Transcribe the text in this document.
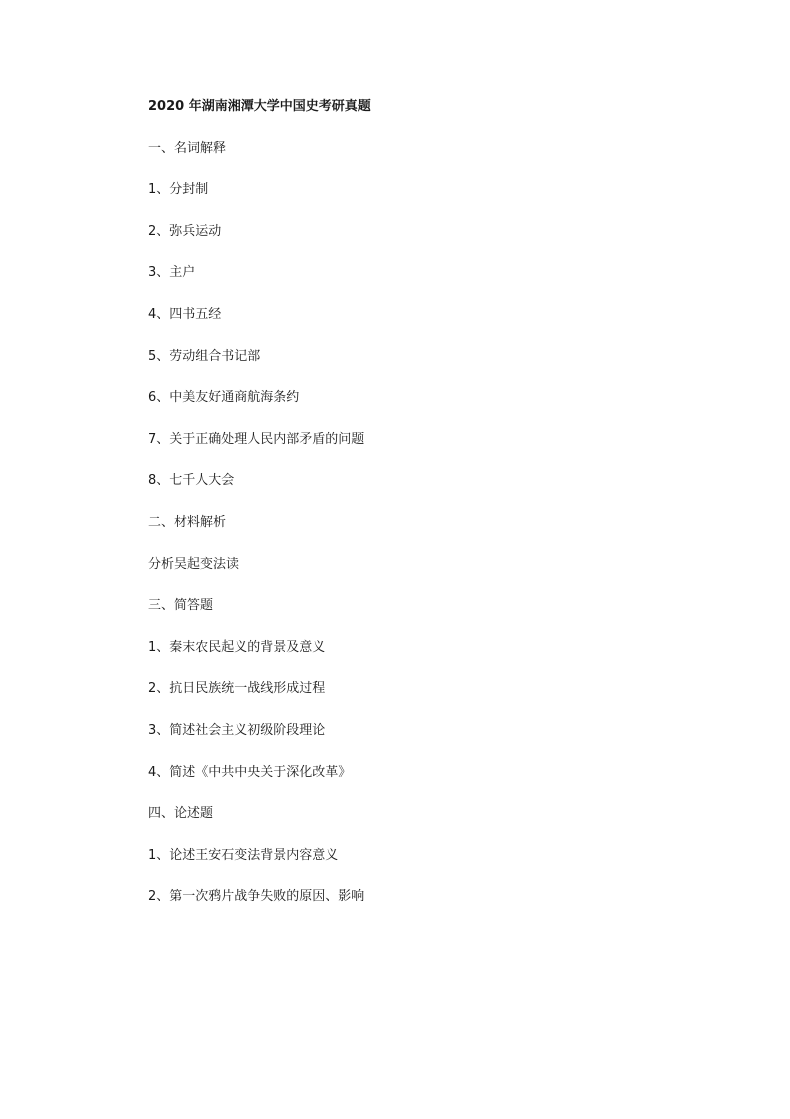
2020 年湖南湘潭大学中国史考研真题
一、名词解释
1、分封制
2、弥兵运动
3、主户
4、四书五经
5、劳动组合书记部
6、中美友好通商航海条约
7、关于正确处理人民内部矛盾的问题
8、七千人大会
二、材料解析
分析吴起变法读
三、简答题
1、秦末农民起义的背景及意义
2、抗日民族统一战线形成过程
3、简述社会主义初级阶段理论
4、简述《中共中央关于深化改革》
四、论述题
1、论述王安石变法背景内容意义
2、第一次鸦片战争失败的原因、影响
